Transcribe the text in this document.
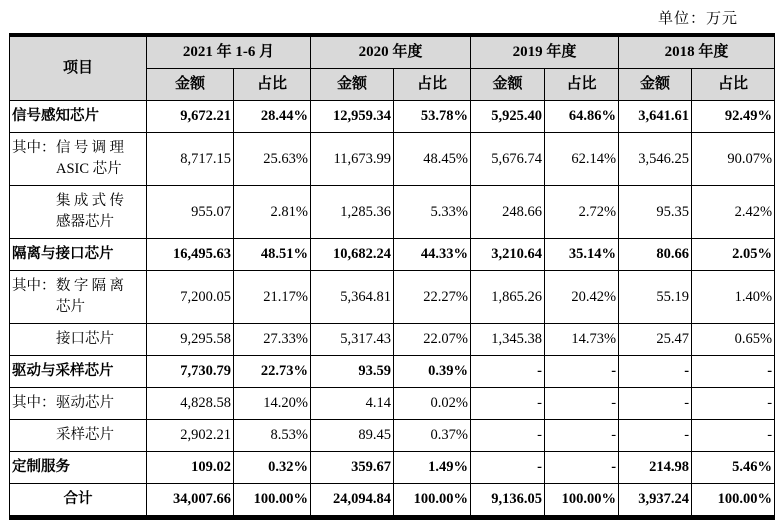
单位：万元
项目	2021 年 1-6 月		2020 年度		2019 年度		2018 年度	
	金额	占比	金额	占比	金额	占比	金额	占比
信号感知芯片	9,672.21	28.44%	12,959.34	53.78%	5,925.40	64.86%	3,641.61	92.49%

其中： 信号调理ASIC 芯片	8,717.15	25.63%	11,673.99	48.45%	5,676.74	62.14%	3,546.25	90.07%
集成式传感器芯片	955.07	2.81%	1,285.36	5.33%	248.66	2.72%	95.35	2.42%
隔离与接口芯片	16,495.63	48.51%	10,682.24	44.33%	3,210.64	35.14%	80.66	2.05%

其中： 数字隔离芯片	7,200.05	21.17%	5,364.81	22.27%	1,865.26	20.42%	55.19	1.40%
接口芯片	9,295.58	27.33%	5,317.43	22.07%	1,345.38	14.73%	25.47	0.65%
驱动与采样芯片	7,730.79	22.73%	93.59	0.39%	-	-	-	-

其中： 驱动芯片	4,828.58	14.20%	4.14	0.02%	-	-	-	-
采样芯片	2,902.21	8.53%	89.45	0.37%	-	-	-	-
定制服务	109.02	0.32%	359.67	1.49%	-	-	214.98	5.46%
合计	34,007.66	100.00%	24,094.84	100.00%	9,136.05	100.00%	3,937.24	100.00%
